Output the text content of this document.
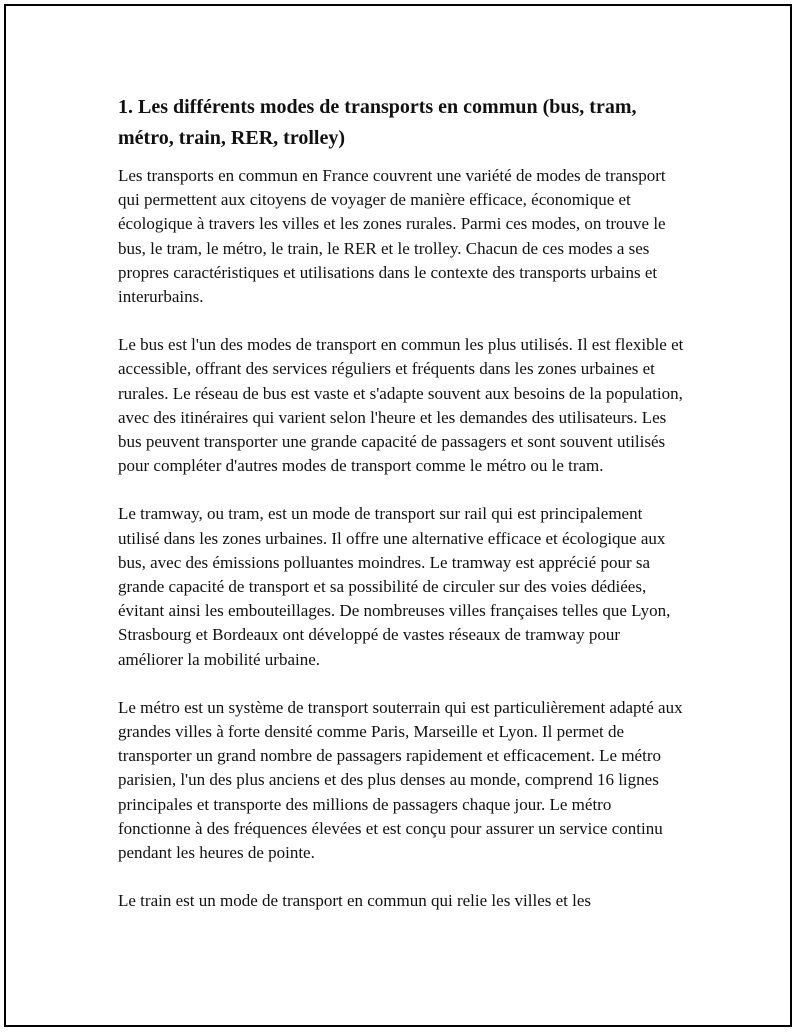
1. Les différents modes de transports en commun (bus, tram, métro, train, RER, trolley)

Les transports en commun en France couvrent une variété de modes de transport qui permettent aux citoyens de voyager de manière efficace, économique et écologique à travers les villes et les zones rurales. Parmi ces modes, on trouve le bus, le tram, le métro, le train, le RER et le trolley. Chacun de ces modes a ses propres caractéristiques et utilisations dans le contexte des transports urbains et interurbains.

Le bus est l'un des modes de transport en commun les plus utilisés. Il est flexible et accessible, offrant des services réguliers et fréquents dans les zones urbaines et rurales. Le réseau de bus est vaste et s'adapte souvent aux besoins de la population, avec des itinéraires qui varient selon l'heure et les demandes des utilisateurs. Les bus peuvent transporter une grande capacité de passagers et sont souvent utilisés pour compléter d'autres modes de transport comme le métro ou le tram.

Le tramway, ou tram, est un mode de transport sur rail qui est principalement utilisé dans les zones urbaines. Il offre une alternative efficace et écologique aux bus, avec des émissions polluantes moindres. Le tramway est apprécié pour sa grande capacité de transport et sa possibilité de circuler sur des voies dédiées, évitant ainsi les embouteillages. De nombreuses villes françaises telles que Lyon, Strasbourg et Bordeaux ont développé de vastes réseaux de tramway pour améliorer la mobilité urbaine.

Le métro est un système de transport souterrain qui est particulièrement adapté aux grandes villes à forte densité comme Paris, Marseille et Lyon. Il permet de transporter un grand nombre de passagers rapidement et efficacement. Le métro parisien, l'un des plus anciens et des plus denses au monde, comprend 16 lignes principales et transporte des millions de passagers chaque jour. Le métro fonctionne à des fréquences élevées et est conçu pour assurer un service continu pendant les heures de pointe.

Le train est un mode de transport en commun qui relie les villes et les
